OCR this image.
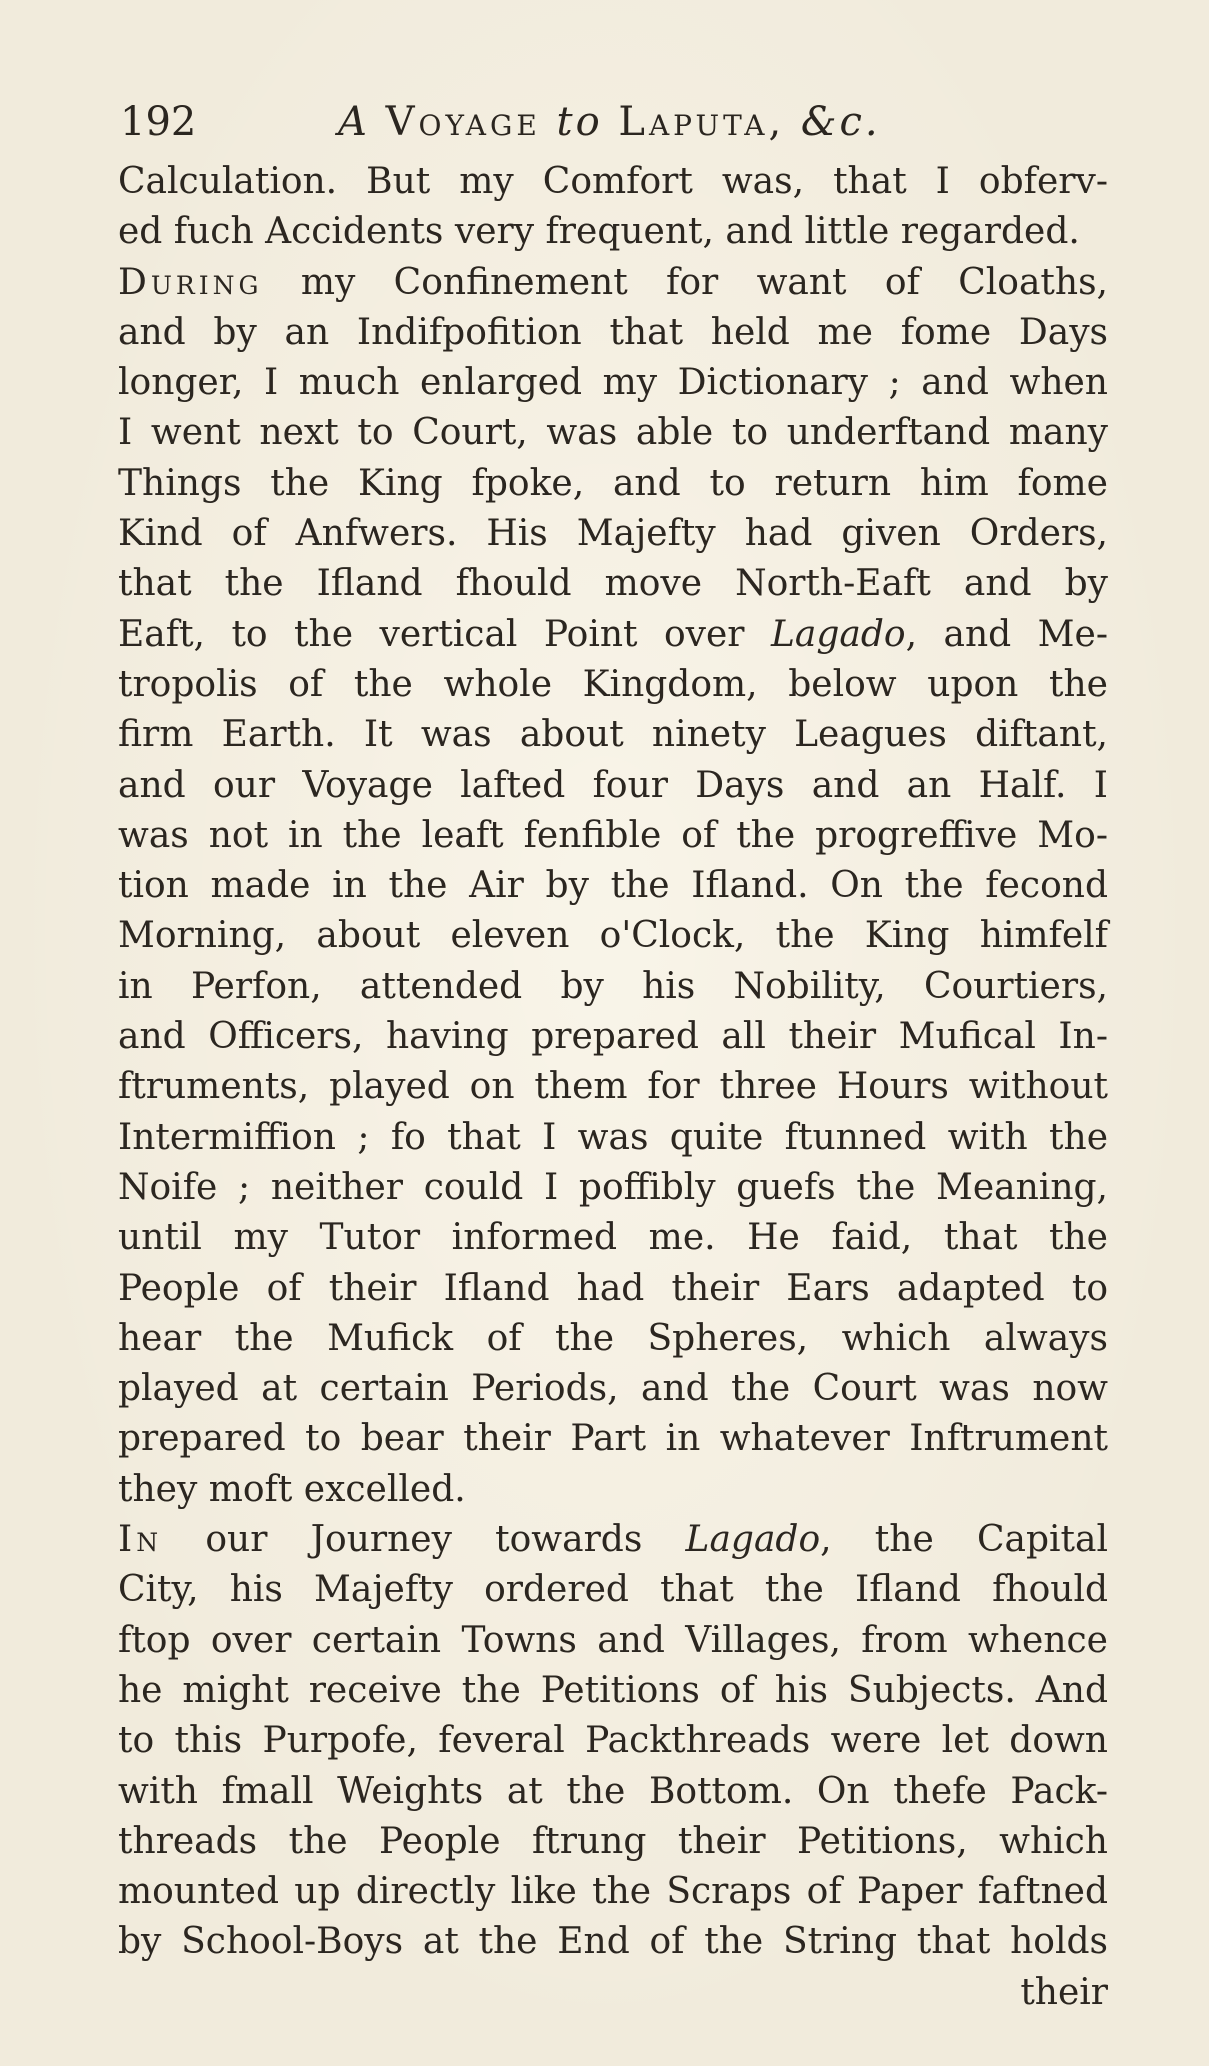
192	A Voyage to Laputa, &c.
Calculation. But my Comfort was, that I obferv-
ed fuch Accidents very frequent, and little regarded.
During my Confinement for want of Cloaths,
and by an Indifpofition that held me fome Days
longer, I much enlarged my Dictionary ; and when
I went next to Court, was able to underftand many
Things the King fpoke, and to return him fome
Kind of Anfwers. His Majefty had given Orders,
that the Ifland fhould move North-Eaft and by
Eaft, to the vertical Point over Lagado, and Me-
tropolis of the whole Kingdom, below upon the
firm Earth. It was about ninety Leagues diftant,
and our Voyage lafted four Days and an Half. I
was not in the leaft fenfible of the progreffive Mo-
tion made in the Air by the Ifland. On the fecond
Morning, about eleven o'Clock, the King himfelf
in Perfon, attended by his Nobility, Courtiers,
and Officers, having prepared all their Mufical In-
ftruments, played on them for three Hours without
Intermiffion ; fo that I was quite ftunned with the
Noife ; neither could I poffibly guefs the Meaning,
until my Tutor informed me. He faid, that the
People of their Ifland had their Ears adapted to
hear the Mufick of the Spheres, which always
played at certain Periods, and the Court was now
prepared to bear their Part in whatever Inftrument
they moft excelled.
In our Journey towards Lagado, the Capital
City, his Majefty ordered that the Ifland fhould
ftop over certain Towns and Villages, from whence
he might receive the Petitions of his Subjects. And
to this Purpofe, feveral Packthreads were let down
with fmall Weights at the Bottom. On thefe Pack-
threads the People ftrung their Petitions, which
mounted up directly like the Scraps of Paper faftned
by School-Boys at the End of the String that holds
their
